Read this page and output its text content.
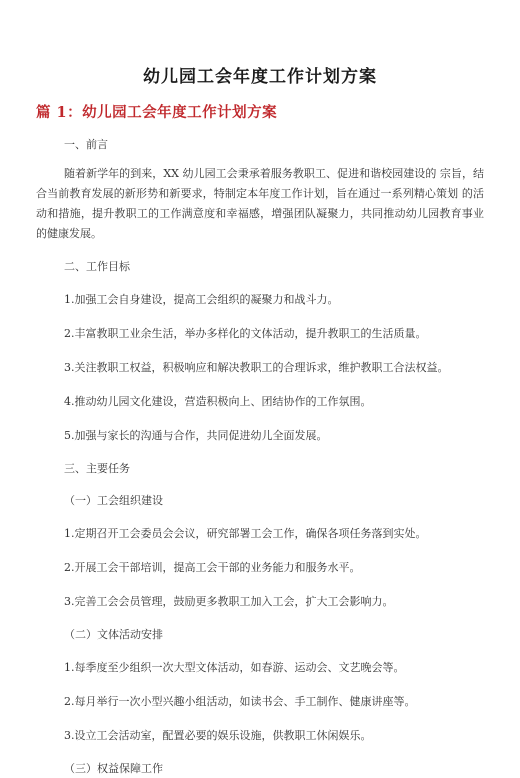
幼儿园工会年度工作计划方案
篇 1：幼儿园工会年度工作计划方案
一、前言

随着新学年的到来，XX 幼儿园工会秉承着服务教职工、促进和谐校园建设的 宗旨，结合当前教育发展的新形势和新要求，特制定本年度工作计划，旨在通过一系列精心策划 的活动和措施，提升教职工的工作满意度和幸福感，增强团队凝聚力，共同推动幼儿园教育事业 的健康发展。

二、工作目标
1.加强工会自身建设，提高工会组织的凝聚力和战斗力。
2.丰富教职工业余生活，举办多样化的文体活动，提升教职工的生活质量。
3.关注教职工权益，积极响应和解决教职工的合理诉求，维护教职工合法权益。
4.推动幼儿园文化建设，营造积极向上、团结协作的工作氛围。
5.加强与家长的沟通与合作，共同促进幼儿全面发展。
三、主要任务
（一）工会组织建设
1.定期召开工会委员会会议，研究部署工会工作，确保各项任务落到实处。
2.开展工会干部培训，提高工会干部的业务能力和服务水平。
3.完善工会会员管理，鼓励更多教职工加入工会，扩大工会影响力。
（二）文体活动安排
1.每季度至少组织一次大型文体活动，如春游、运动会、文艺晚会等。
2.每月举行一次小型兴趣小组活动，如读书会、手工制作、健康讲座等。
3.设立工会活动室，配置必要的娱乐设施，供教职工休闲娱乐。
（三）权益保障工作
